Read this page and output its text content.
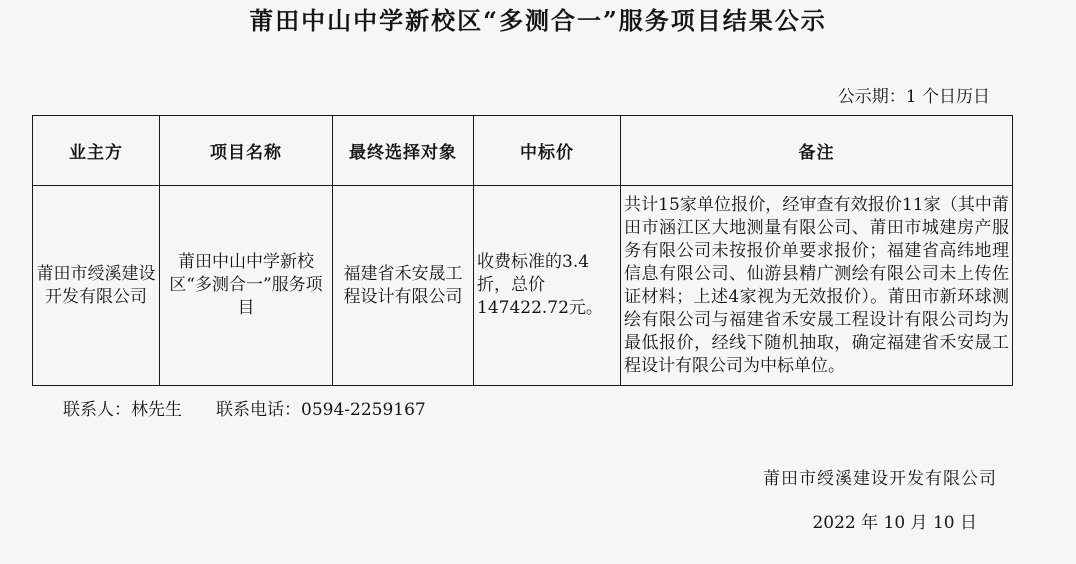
莆田中山中学新校区“多测合一”服务项目结果公示
公示期：1 个日历日
业主方	项目名称	最终选择对象	中标价	备注
莆田市绶溪建设开发有限公司	莆田中山中学新校区“多测合一”服务项目	福建省禾安晟工程设计有限公司	收费标准的3.4折，总价147422.72元。	共计15家单位报价，经审查有效报价11家（其中莆田市涵江区大地测量有限公司、莆田市城建房产服务有限公司未按报价单要求报价；福建省高纬地理信息有限公司、仙游县精广测绘有限公司未上传佐证材料；上述4家视为无效报价）。莆田市新环球测绘有限公司与福建省禾安晟工程设计有限公司均为最低报价，经线下随机抽取，确定福建省禾安晟工程设计有限公司为中标单位。
联系人：林先生 联系电话：0594-2259167
莆田市绶溪建设开发有限公司
2022 年 10 月 10 日
